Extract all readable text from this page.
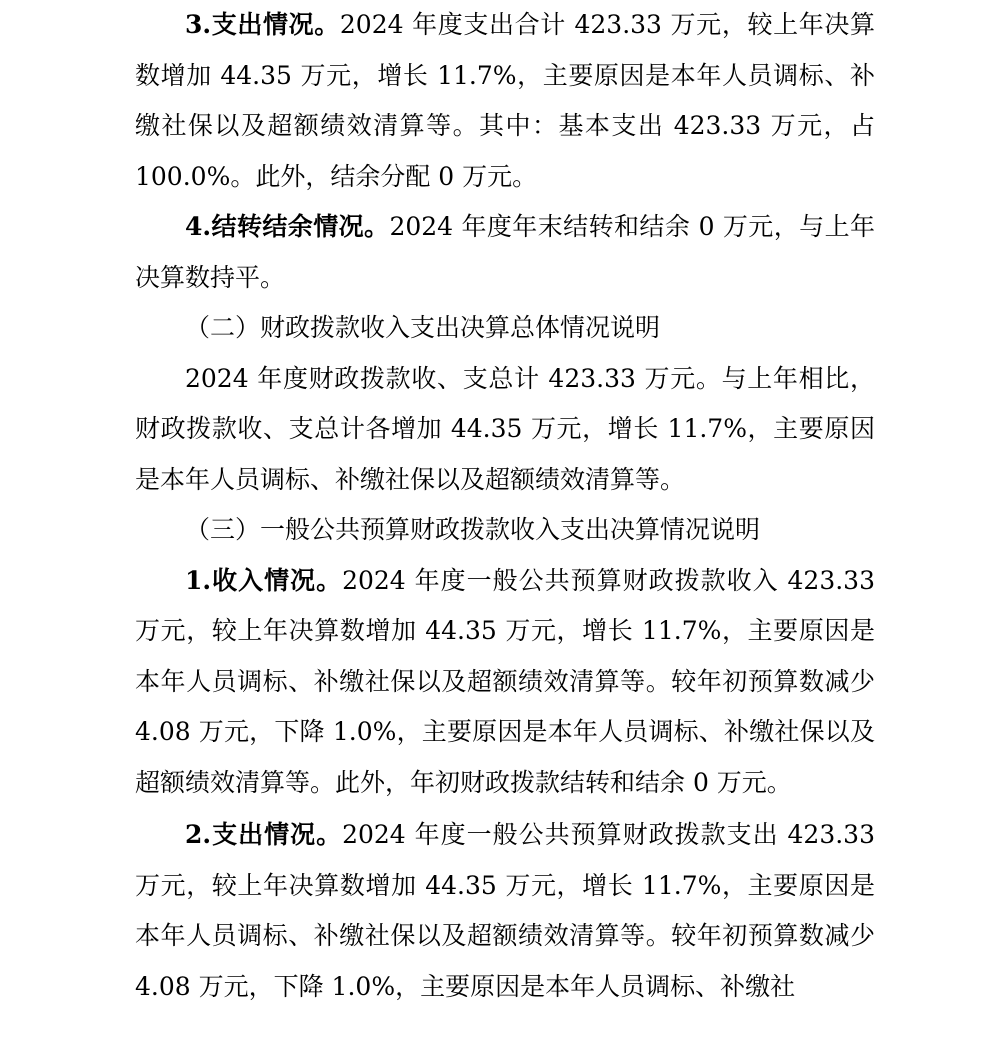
3.支出情况。2024 年度支出合计 423.33 万元，较上年决算数增加 44.35 万元，增长 11.7%，主要原因是本年人员调标、补缴社保以及超额绩效清算等。其中：基本支出 423.33 万元，占 100.0%。此外，结余分配 0 万元。

4.结转结余情况。2024 年度年末结转和结余 0 万元，与上年决算数持平。

（二）财政拨款收入支出决算总体情况说明

2024 年度财政拨款收、支总计 423.33 万元。与上年相比，财政拨款收、支总计各增加 44.35 万元，增长 11.7%，主要原因是本年人员调标、补缴社保以及超额绩效清算等。

（三）一般公共预算财政拨款收入支出决算情况说明

1.收入情况。2024 年度一般公共预算财政拨款收入 423.33 万元，较上年决算数增加 44.35 万元，增长 11.7%，主要原因是本年人员调标、补缴社保以及超额绩效清算等。较年初预算数减少 4.08 万元，下降 1.0%，主要原因是本年人员调标、补缴社保以及超额绩效清算等。此外，年初财政拨款结转和结余 0 万元。

2.支出情况。2024 年度一般公共预算财政拨款支出 423.33 万元，较上年决算数增加 44.35 万元，增长 11.7%，主要原因是本年人员调标、补缴社保以及超额绩效清算等。较年初预算数减少 4.08 万元，下降 1.0%，主要原因是本年人员调标、补缴社
